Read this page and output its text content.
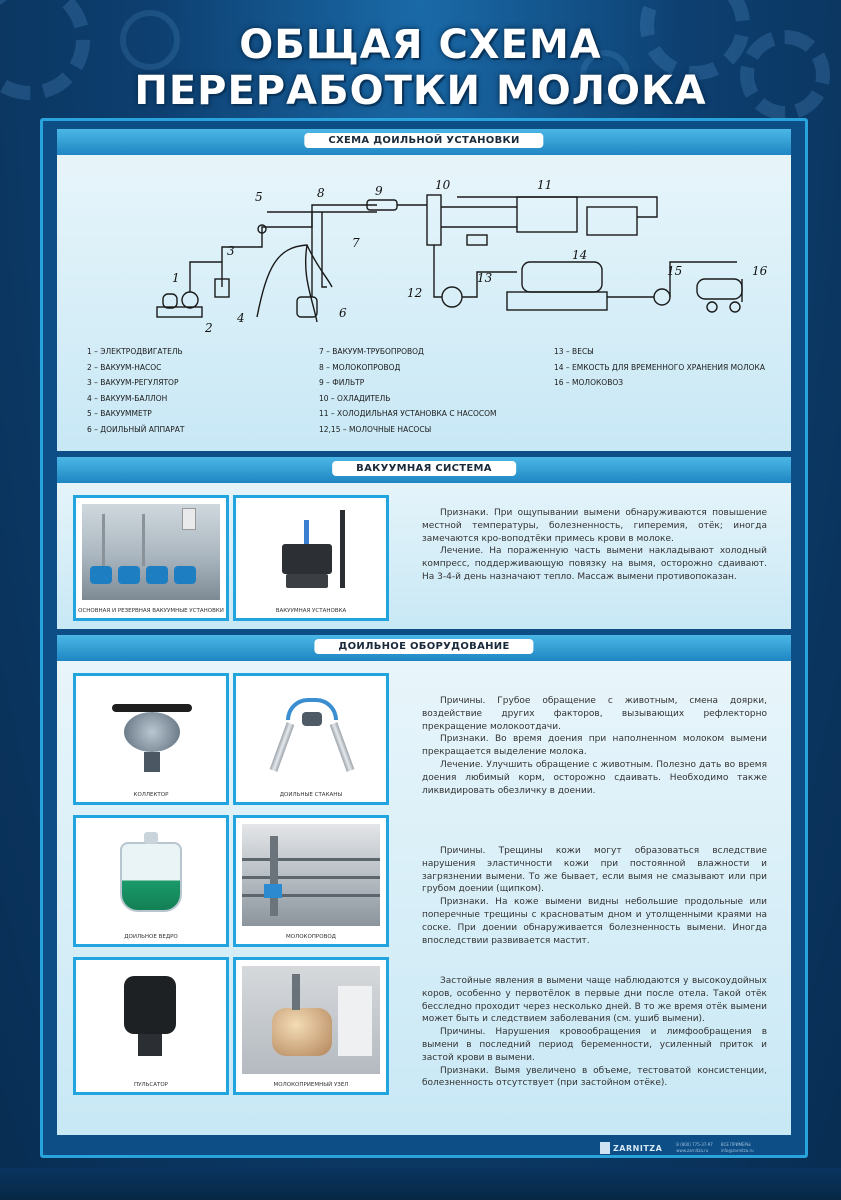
ОБЩАЯ СХЕМА
ПЕРЕРАБОТКИ МОЛОКА
СХЕМА ДОИЛЬНОЙ УСТАНОВКИ
1
2
3
4
5
6
7
8	9	10	11
12
13
14
15	16
1 – ЭЛЕКТРОДВИГАТЕЛЬ
2 – ВАКУУМ-НАСОС
3 – ВАКУУМ-РЕГУЛЯТОР
4 – ВАКУУМ-БАЛЛОН
5 – ВАКУУММЕТР
6 – ДОИЛЬНЫЙ АППАРАТ
7 – ВАКУУМ-ТРУБОПРОВОД
8 – МОЛОКОПРОВОД
9 – ФИЛЬТР
10 – ОХЛАДИТЕЛЬ
11 – ХОЛОДИЛЬНАЯ УСТАНОВКА С НАСОСОМ
12,15 – МОЛОЧНЫЕ НАСОСЫ
13 – ВЕСЫ
14 – ЕМКОСТЬ ДЛЯ ВРЕМЕННОГО ХРАНЕНИЯ МОЛОКА
16 – МОЛОКОВОЗ
ВАКУУМНАЯ СИСТЕМА
ОСНОВНАЯ И РЕЗЕРВНАЯ ВАКУУМНЫЕ УСТАНОВКИ	ВАКУУМНАЯ УСТАНОВКА

Признаки. При ощупывании вымени обнаруживаются повышение местной температуры, болезненность, гиперемия, отёк; иногда замечаются кро-воподтёки примесь крови в молоке.

Лечение. На пораженную часть вымени накладывают холодный компресс, поддерживающую повязку на вымя, осторожно сдаивают. На 3-4-й день назначают тепло. Массаж вымени противопоказан.

ДОИЛЬНОЕ ОБОРУДОВАНИЕ
КОЛЛЕКТОР	ДОИЛЬНЫЕ СТАКАНЫ

Причины. Грубое обращение с животным, смена доярки, воздействие других факторов, вызывающих рефлекторно прекращение молокоотдачи.

Признаки. Во время доения при наполненном молоком вымени прекращается выделение молока.

Лечение. Улучшить обращение с животным. Полезно дать во время доения любимый корм, осторожно сдаивать. Необходимо также ликвидировать обезличку в доении.

ДОИЛЬНОЕ ВЕДРО	МОЛОКОПРОВОД

Причины. Трещины кожи могут образоваться вследствие нарушения эластичности кожи при постоянной влажности и загрязнении вымени. То же бывает, если вымя не смазывают или при грубом доении (щипком).

Признаки. На коже вымени видны небольшие продольные или поперечные трещины с красноватым дном и утолщенными краями на соске. При доении обнаруживается болезненность вымени. Иногда впоследствии развивается мастит.

ПУЛЬСАТОР	МОЛОКОПРИЕМНЫЙ УЗЕЛ

Застойные явления в вымени чаще наблюдаются у высокоудойных коров, особенно у первотёлок в первые дни после отела. Такой отёк бесследно проходит через несколько дней. В то же время отёк вымени может быть и следствием заболевания (см. ушиб вымени).

Причины. Нарушения кровообращения и лимфообращения в вымени в последний период беременности, усиленный приток и застой крови в вымени.

Признаки. Вымя увеличено в объеме, тестоватой консистенции, болезненность отсутствует (при застойном отёке).

ZARNITZA	8 (800) 775-37-97
www.zarnitza.ru
ВСЕ ПРИМЕРЫ
info@zarnitza.ru
